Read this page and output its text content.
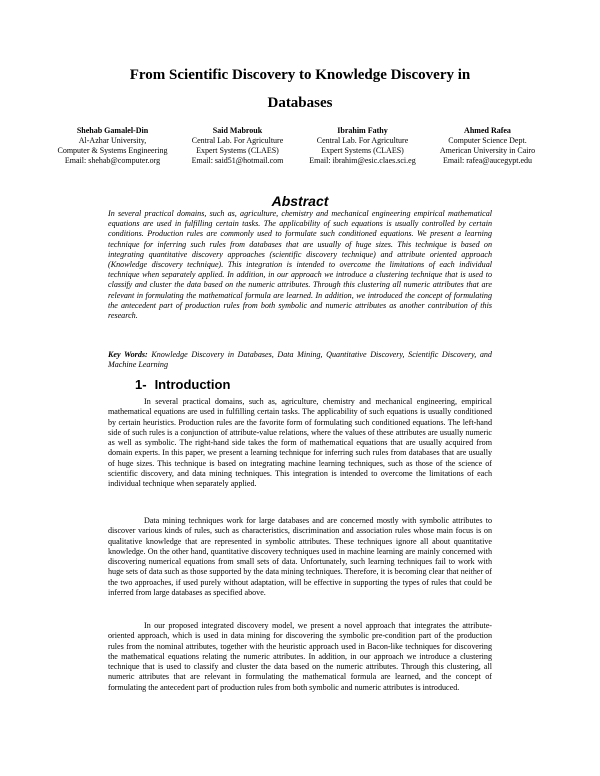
From Scientific Discovery to Knowledge Discovery in
Databases
Shehab Gamalel-Din
Al-Azhar University,
Computer & Systems Engineering
Email: shehab@computer.org
Said Mabrouk
Central Lab. For Agriculture
Expert Systems (CLAES)
Email: said51@hotmail.com
Ibrahim Fathy
Central Lab. For Agriculture
Expert Systems (CLAES)
Email: ibrahim@esic.claes.sci.eg
Ahmed Rafea
Computer Science Dept.
American University in Cairo
Email: rafea@aucegypt.edu
Abstract

In several practical domains, such as, agriculture, chemistry and mechanical engineering empirical mathematical equations are used in fulfilling certain tasks. The applicability of such equations is usually controlled by certain conditions. Production rules are commonly used to formulate such conditioned equations. We present a learning technique for inferring such rules from databases that are usually of huge sizes. This technique is based on integrating quantitative discovery approaches (scientific discovery technique) and attribute oriented approach (Knowledge discovery technique). This integration is intended to overcome the limitations of each individual technique when separately applied. In addition, in our approach we introduce a clustering technique that is used to classify and cluster the data based on the numeric attributes. Through this clustering all numeric attributes that are relevant in formulating the mathematical formula are learned. In addition, we introduced the concept of formulating the antecedent part of production rules from both symbolic and numeric attributes as another contribution of this research.

Key Words: Knowledge Discovery in Databases, Data Mining, Quantitative Discovery, Scientific Discovery, and Machine Learning

1- Introduction

In several practical domains, such as, agriculture, chemistry and mechanical engineering, empirical mathematical equations are used in fulfilling certain tasks. The applicability of such equations is usually conditioned by certain heuristics. Production rules are the favorite form of formulating such conditioned equations. The left-hand side of such rules is a conjunction of attribute-value relations, where the values of these attributes are usually numeric as well as symbolic. The right-hand side takes the form of mathematical equations that are usually acquired from domain experts. In this paper, we present a learning technique for inferring such rules from databases that are usually of huge sizes. This technique is based on integrating machine learning techniques, such as those of the science of scientific discovery, and data mining techniques. This integration is intended to overcome the limitations of each individual technique when separately applied.

Data mining techniques work for large databases and are concerned mostly with symbolic attributes to discover various kinds of rules, such as characteristics, discrimination and association rules whose main focus is on qualitative knowledge that are represented in symbolic attributes. These techniques ignore all about quantitative knowledge. On the other hand, quantitative discovery techniques used in machine learning are mainly concerned with discovering numerical equations from small sets of data. Unfortunately, such learning techniques fail to work with huge sets of data such as those supported by the data mining techniques. Therefore, it is becoming clear that neither of the two approaches, if used purely without adaptation, will be effective in supporting the types of rules that could be inferred from large databases as specified above.

In our proposed integrated discovery model, we present a novel approach that integrates the attribute-oriented approach, which is used in data mining for discovering the symbolic pre-condition part of the production rules from the nominal attributes, together with the heuristic approach used in Bacon-like techniques for discovering the mathematical equations relating the numeric attributes. In addition, in our approach we introduce a clustering technique that is used to classify and cluster the data based on the numeric attributes. Through this clustering, all numeric attributes that are relevant in formulating the mathematical formula are learned, and the concept of formulating the antecedent part of production rules from both symbolic and numeric attributes is introduced.
